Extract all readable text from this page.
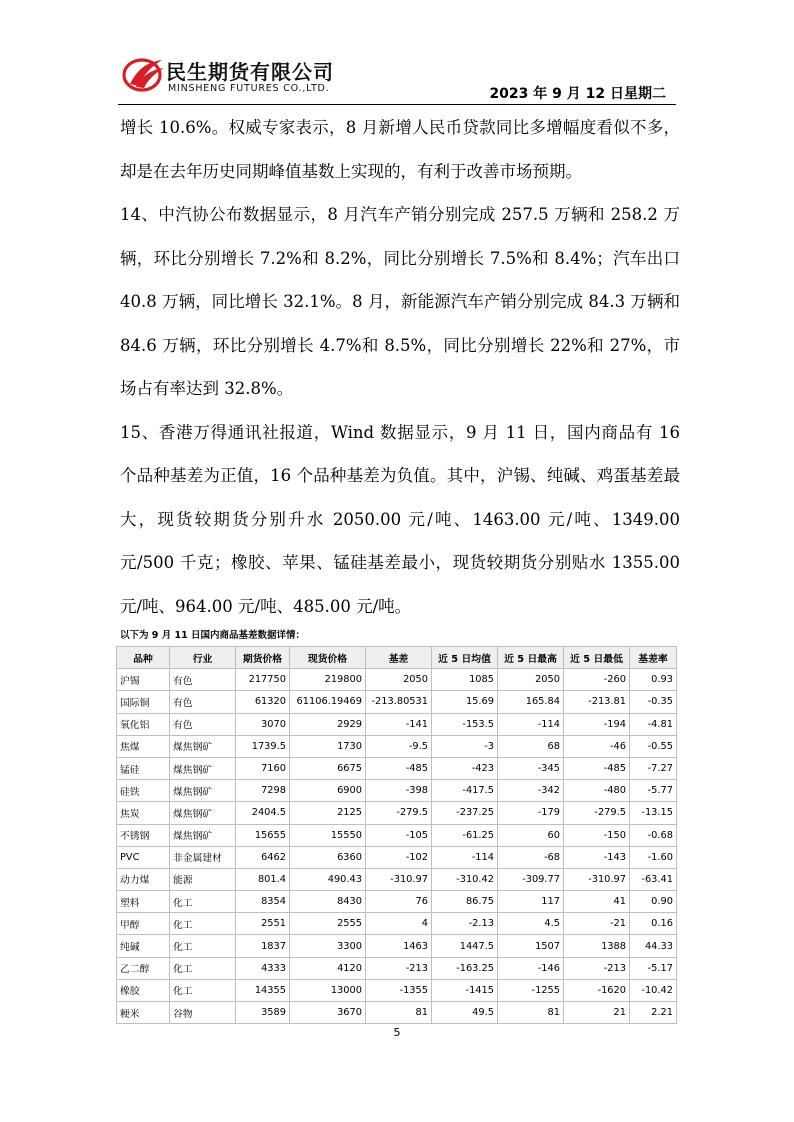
民生期货有限公司
MINSHENG FUTURES CO.,LTD.	2023 年 9 月 12 日星期二

增长 10.6%。权威专家表示，8 月新增人民币贷款同比多增幅度看似不多，却是在去年历史同期峰值基数上实现的，有利于改善市场预期。

14、中汽协公布数据显示，8 月汽车产销分别完成 257.5 万辆和 258.2 万辆，环比分别增长 7.2%和 8.2%，同比分别增长 7.5%和 8.4%；汽车出口 40.8 万辆，同比增长 32.1%。8 月，新能源汽车产销分别完成 84.3 万辆和 84.6 万辆，环比分别增长 4.7%和 8.5%，同比分别增长 22%和 27%，市场占有率达到 32.8%。

15、香港万得通讯社报道，Wind 数据显示，9 月 11 日，国内商品有 16 个品种基差为正值，16 个品种基差为负值。其中，沪锡、纯碱、鸡蛋基差最大，现货较期货分别升水 2050.00 元/吨、1463.00 元/吨、1349.00 元/500 千克；橡胶、苹果、锰硅基差最小，现货较期货分别贴水 1355.00 元/吨、964.00 元/吨、485.00 元/吨。

以下为 9 月 11 日国内商品基差数据详情：
品种	行业	期货价格	现货价格	基差	近 5 日均值	近 5 日最高	近 5 日最低	基差率
沪锡	有色	217750	219800	2050	1085	2050	-260	0.93
国际铜	有色	61320	61106.19469	-213.80531	15.69	165.84	-213.81	-0.35
氧化铝	有色	3070	2929	-141	-153.5	-114	-194	-4.81
焦煤	煤焦钢矿	1739.5	1730	-9.5	-3	68	-46	-0.55
锰硅	煤焦钢矿	7160	6675	-485	-423	-345	-485	-7.27
硅铁	煤焦钢矿	7298	6900	-398	-417.5	-342	-480	-5.77
焦炭	煤焦钢矿	2404.5	2125	-279.5	-237.25	-179	-279.5	-13.15
不锈钢	煤焦钢矿	15655	15550	-105	-61.25	60	-150	-0.68
PVC	非金属建材	6462	6360	-102	-114	-68	-143	-1.60
动力煤	能源	801.4	490.43	-310.97	-310.42	-309.77	-310.97	-63.41
塑料	化工	8354	8430	76	86.75	117	41	0.90
甲醇	化工	2551	2555	4	-2.13	4.5	-21	0.16
纯碱	化工	1837	3300	1463	1447.5	1507	1388	44.33
乙二醇	化工	4333	4120	-213	-163.25	-146	-213	-5.17
橡胶	化工	14355	13000	-1355	-1415	-1255	-1620	-10.42
粳米	谷物	3589	3670	81	49.5	81	21	2.21
5
